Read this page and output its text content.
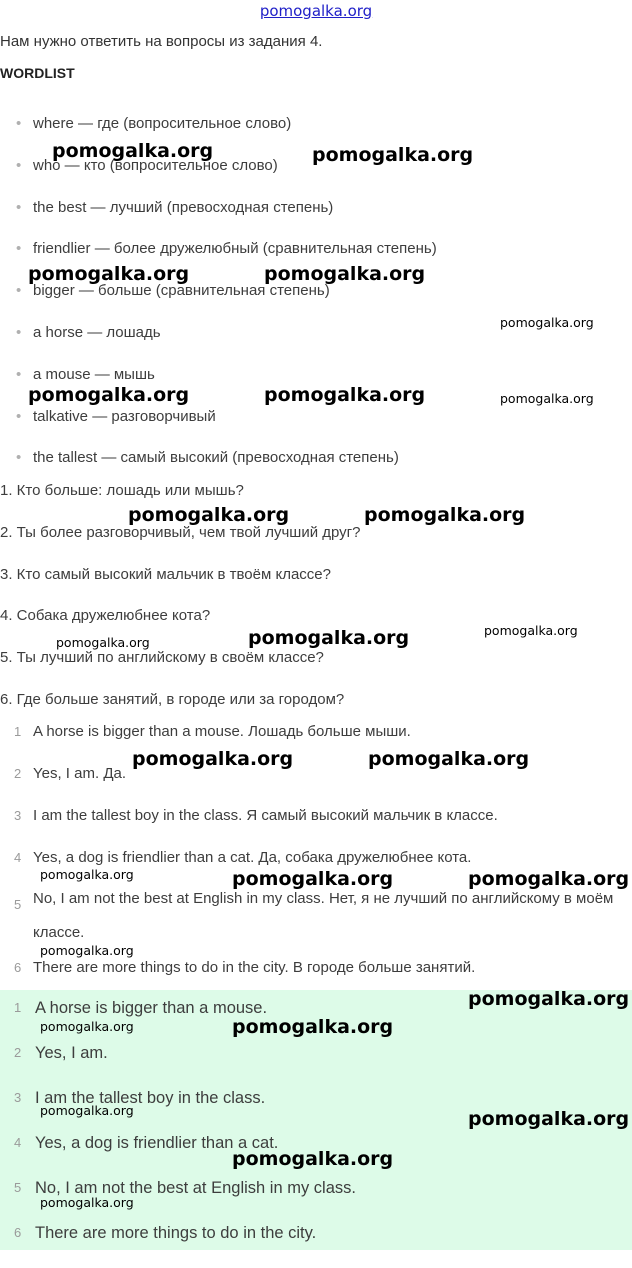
pomogalka.org
Нам нужно ответить на вопросы из задания 4.
WORDLIST
• where — где (вопросительное слово)
• who — кто (вопросительное слово)
• the best — лучший (превосходная степень)
• friendlier — более дружелюбный (сравнительная степень)
• bigger — больше (сравнительная степень)
• a horse — лошадь
• a mouse — мышь
• talkative — разговорчивый
• the tallest — самый высокий (превосходная степень)
1. Кто больше: лошадь или мышь?
2. Ты более разговорчивый, чем твой лучший друг?
3. Кто самый высокий мальчик в твоём классе?
4. Собака дружелюбнее кота?
5. Ты лучший по английскому в своём классе?
6. Где больше занятий, в городе или за городом?
1 A horse is bigger than a mouse. Лошадь больше мыши.
2 Yes, I am. Да.
3 I am the tallest boy in the class. Я самый высокий мальчик в классе.
4 Yes, a dog is friendlier than a cat. Да, собака дружелюбнее кота.
5 No, I am not the best at English in my class. Нет, я не лучший по английскому в моём классе.
6 There are more things to do in the city. В городе больше занятий.
1 A horse is bigger than a mouse.
2 Yes, I am.
3 I am the tallest boy in the class.
4 Yes, a dog is friendlier than a cat.
5 No, I am not the best at English in my class.
6 There are more things to do in the city.
pomogalka.org	pomogalka.org
pomogalka.org	pomogalka.org
pomogalka.org
pomogalka.org	pomogalka.org	pomogalka.org
pomogalka.org	pomogalka.org
pomogalka.org
pomogalka.org	pomogalka.org
pomogalka.org	pomogalka.org
pomogalka.org	pomogalka.org	pomogalka.org
pomogalka.org
pomogalka.org
pomogalka.org	pomogalka.org
pomogalka.org	pomogalka.org
pomogalka.org
pomogalka.org
